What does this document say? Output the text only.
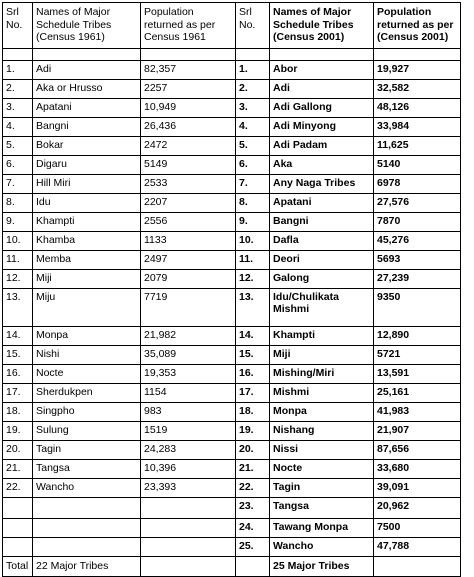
Srl No.	Names of Major Schedule Tribes (Census 1961)	Population returned as per Census 1961	Srl No.	Names of Major Schedule Tribes (Census 2001)	Population returned as per (Census 2001)

1.	Adi	82,357	1.	Abor	19,927
2.	Aka or Hrusso	2257	2.	Adi	32,582
3.	Apatani	10,949	3.	Adi Gallong	48,126
4.	Bangni	26,436	4.	Adi Minyong	33,984
5.	Bokar	2472	5.	Adi Padam	11,625
6.	Digaru	5149	6.	Aka	5140
7.	Hill Miri	2533	7.	Any Naga Tribes	6978
8.	Idu	2207	8.	Apatani	27,576
9.	Khampti	2556	9.	Bangni	7870
10.	Khamba	1133	10.	Dafla	45,276
11.	Memba	2497	11.	Deori	5693
12.	Miji	2079	12.	Galong	27,239
13.	Miju	7719	13.	Idu/Chulikata Mishmi	9350
14.	Monpa	21,982	14.	Khampti	12,890
15.	Nishi	35,089	15.	Miji	5721
16.	Nocte	19,353	16.	Mishing/Miri	13,591
17.	Sherdukpen	1154	17.	Mishmi	25,161
18.	Singpho	983	18.	Monpa	41,983
19.	Sulung	1519	19.	Nishang	21,907
20.	Tagin	24,283	20.	Nissi	87,656
21.	Tangsa	10,396	21.	Nocte	33,680
22.	Wancho	23,393	22.	Tagin	39,091
			23.	Tangsa	20,962
			24.	Tawang Monpa	7500
			25.	Wancho	47,788
Total	22 Major Tribes			25 Major Tribes	
